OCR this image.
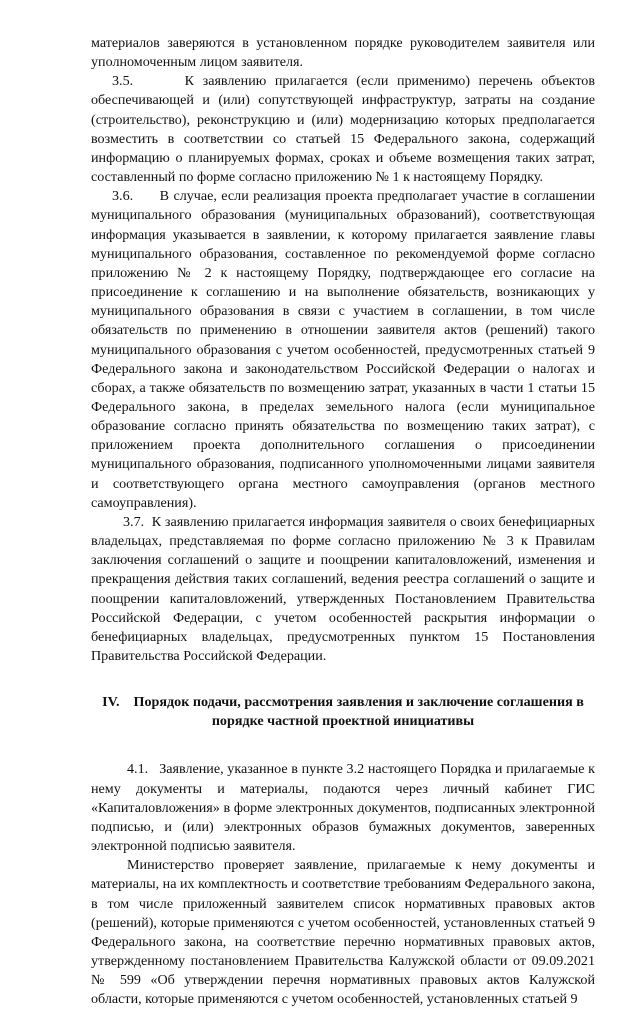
материалов заверяются в установленном порядке руководителем заявителя или уполномоченным лицом заявителя.

3.5.      К заявлению прилагается (если применимо) перечень объектов обеспечивающей и (или) сопутствующей инфраструктур, затраты на создание (строительство), реконструкцию и (или) модернизацию которых предполагается возместить в соответствии со статьей 15 Федерального закона, содержащий информацию о планируемых формах, сроках и объеме возмещения таких затрат, составленный по форме согласно приложению № 1 к настоящему Порядку.

3.6.      В случае, если реализация проекта предполагает участие в соглашении муниципального образования (муниципальных образований), соответствующая информация указывается в заявлении, к которому прилагается заявление главы муниципального образования, составленное по рекомендуемой форме согласно приложению № 2 к настоящему Порядку, подтверждающее его согласие на присоединение к соглашению и на выполнение обязательств, возникающих у муниципального образования в связи с участием в соглашении, в том числе обязательств по применению в отношении заявителя актов (решений) такого муниципального образования с учетом особенностей, предусмотренных статьей 9 Федерального закона и законодательством Российской Федерации о налогах и сборах, а также обязательств по возмещению затрат, указанных в части 1 статьи 15 Федерального закона, в пределах земельного налога (если муниципальное образование согласно принять обязательства по возмещению таких затрат), с приложением проекта дополнительного соглашения о присоединении муниципального образования, подписанного уполномоченными лицами заявителя и соответствующего органа местного самоуправления (органов местного самоуправления).

3.7.  К заявлению прилагается информация заявителя о своих бенефициарных владельцах, представляемая по форме согласно приложению № 3 к Правилам заключения соглашений о защите и поощрении капиталовложений, изменения и прекращения действия таких соглашений, ведения реестра соглашений о защите и поощрении капиталовложений, утвержденных Постановлением Правительства Российской Федерации, с учетом особенностей раскрытия информации о бенефициарных владельцах, предусмотренных пунктом 15 Постановления Правительства Российской Федерации.

IV. Порядок подачи, рассмотрения заявления и заключение соглашения в порядке частной проектной инициативы

4.1.   Заявление, указанное в пункте 3.2 настоящего Порядка и прилагаемые к нему документы и материалы, подаются через личный кабинет ГИС «Капиталовложения» в форме электронных документов, подписанных электронной подписью, и (или) электронных образов бумажных документов, заверенных электронной подписью заявителя.

Министерство проверяет заявление, прилагаемые к нему документы и материалы, на их комплектность и соответствие требованиям Федерального закона, в том числе приложенный заявителем список нормативных правовых актов (решений), которые применяются с учетом особенностей, установленных статьей 9 Федерального закона, на соответствие перечню нормативных правовых актов, утвержденному постановлением Правительства Калужской области от 09.09.2021 № 599 «Об утверждении перечня нормативных правовых актов Калужской области, которые применяются с учетом особенностей, установленных статьей 9
